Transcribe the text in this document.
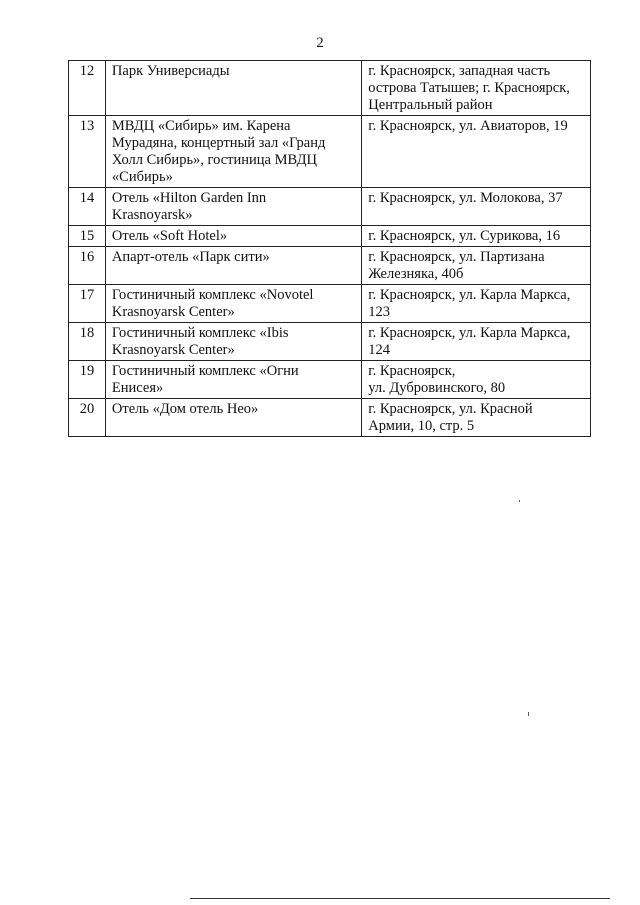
2
12	Парк Универсиады	г. Красноярск, западная часть
острова Татышев; г. Красноярск,
Центральный район
13	МВДЦ «Сибирь» им. Карена
Мурадяна, концертный зал «Гранд
Холл Сибирь», гостиница МВДЦ
«Сибирь»	г. Красноярск, ул. Авиаторов, 19
14	Отель «Hilton Garden Inn
Krasnoyarsk»	г. Красноярск, ул. Молокова, 37
15	Отель «Soft Hotel»	г. Красноярск, ул. Сурикова, 16
16	Апарт-отель «Парк сити»	г. Красноярск, ул. Партизана
Железняка, 40б
17	Гостиничный комплекс «Novotel
Krasnoyarsk Center»	г. Красноярск, ул. Карла Маркса,
123
18	Гостиничный комплекс «Ibis
Krasnoyarsk Center»	г. Красноярск, ул. Карла Маркса,
124
19	Гостиничный комплекс «Огни
Енисея»	г. Красноярск,
ул. Дубровинского, 80
20	Отель «Дом отель Нео»	г. Красноярск, ул. Красной
Армии, 10, стр. 5
